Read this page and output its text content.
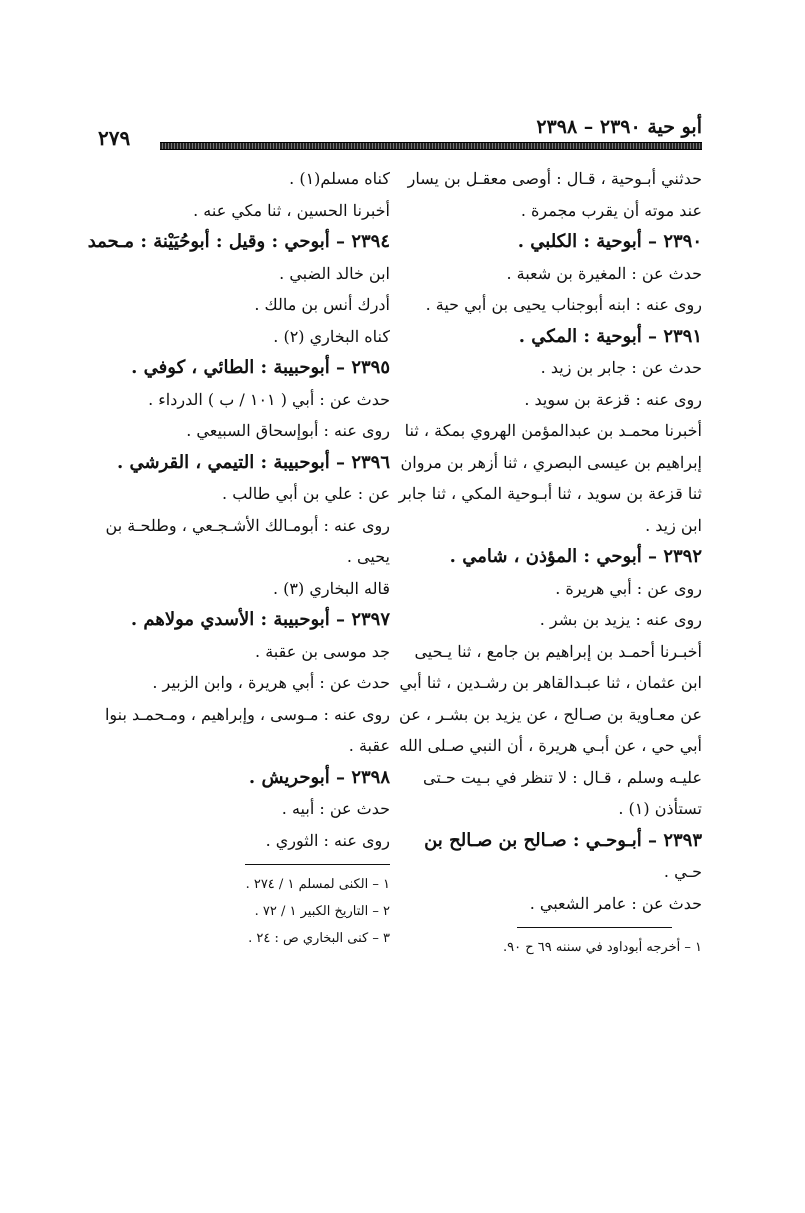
أبو حية ٢٣٩٠ – ٢٣٩٨
٢٧٩
حدثني أبـوحية ، قـال : أوصى معقـل بن يسار
عند موته أن يقرب مجمرة .
٢٣٩٠ – أبوحية : الكلبي .
حدث عن : المغيرة بن شعبة .
روى عنه : ابنه أبوجناب يحيى بن أبي حية .
٢٣٩١ – أبوحية : المكي .
حدث عن : جابر بن زيد .
روى عنه : قزعة بن سويد .
أخبرنا محمـد بن عبدالمؤمن الهروي بمكة ، ثنا
إبراهيم بن عيسى البصري ، ثنا أزهر بن مروان
ثنا قزعة بن سويد ، ثنا أبـوحية المكي ، ثنا جابر
ابن زيد .
٢٣٩٢ – أبوحي : المؤذن ، شامي .
روى عن : أبي هريرة .
روى عنه : يزيد بن بشر .
أخبـرنا أحمـد بن إبراهيم بن جامع ، ثنا يـحيى
ابن عثمان ، ثنا عبـدالقاهر بن رشـدين ، ثنا أبي
عن معـاوية بن صـالح ، عن يزيد بن بشـر ، عن
أبي حي ، عن أبـي هريرة ، أن النبي صـلى الله
عليـه وسلم ، قـال : لا تنظر في بـيت حـتى
تستأذن (١) .
٢٣٩٣ – أبـوحـي : صـالح بن صـالح بن
حـي .
حدث عن : عامر الشعبي .
١ – أخرجه أبوداود في سننه ٦٩ ح ٩٠.
كناه مسلم(١) .
أخبرنا الحسين ، ثنا مكي عنه .
٢٣٩٤ – أبوحي : وقيل : أبوحُيَيْنة : مـحمد
ابن خالد الضبي .
أدرك أنس بن مالك .
كناه البخاري (٢) .
٢٣٩٥ – أبوحبيبة : الطائي ، كوفي .
حدث عن : أبي ( ١٠١ / ب ) الدرداء .
روى عنه : أبوإسحاق السبيعي .
٢٣٩٦ – أبوحبيبة : التيمي ، القرشي .
عن : علي بن أبي طالب .
روى عنه : أبومـالك الأشـجـعي ، وطلحـة بن
يحيى .
قاله البخاري (٣) .
٢٣٩٧ – أبوحبيبة : الأسدي مولاهم .
جد موسى بن عقبة .
حدث عن : أبي هريرة ، وابن الزبير .
روى عنه : مـوسى ، وإبراهيم ، ومـحمـد بنوا
عقبة .
٢٣٩٨ – أبوحريش .
حدث عن : أبيه .
روى عنه : الثوري .
١ – الكنى لمسلم ١ / ٢٧٤ .
٢ – التاريخ الكبير ١ / ٧٢ .
٣ – كنى البخاري ص : ٢٤ .
